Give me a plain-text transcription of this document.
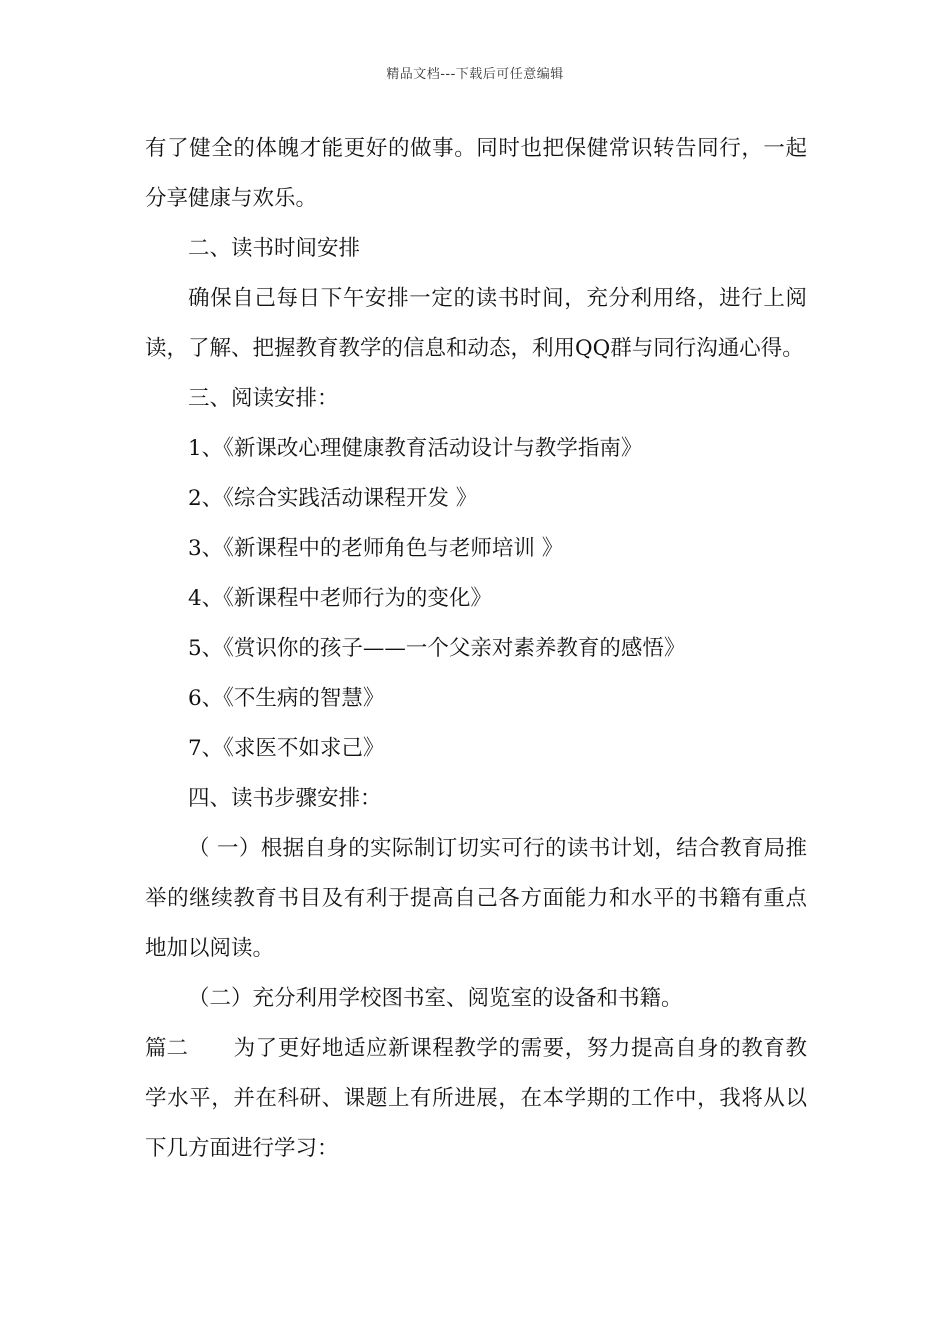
精品文档---下载后可任意编辑

有了健全的体魄才能更好的做事。同时也把保健常识转告同行，一起分享健康与欢乐。

二、读书时间安排

确保自己每日下午安排一定的读书时间，充分利用络，进行上阅读，了解、把握教育教学的信息和动态，利用QQ群与同行沟通心得。

三、阅读安排：

1、《新课改心理健康教育活动设计与教学指南》

2、《综合实践活动课程开发 》

3、《新课程中的老师角色与老师培训 》

4、《新课程中老师行为的变化》

5、《赏识你的孩子——一个父亲对素养教育的感悟》

6、《不生病的智慧》

7、《求医不如求己》

四、读书步骤安排：

（ 一）根据自身的实际制订切实可行的读书计划，结合教育局推举的继续教育书目及有利于提高自己各方面能力和水平的书籍有重点地加以阅读。

（二）充分利用学校图书室、阅览室的设备和书籍。

篇二 为了更好地适应新课程教学的需要，努力提高自身的教育教学水平，并在科研、课题上有所进展，在本学期的工作中，我将从以下几方面进行学习：
